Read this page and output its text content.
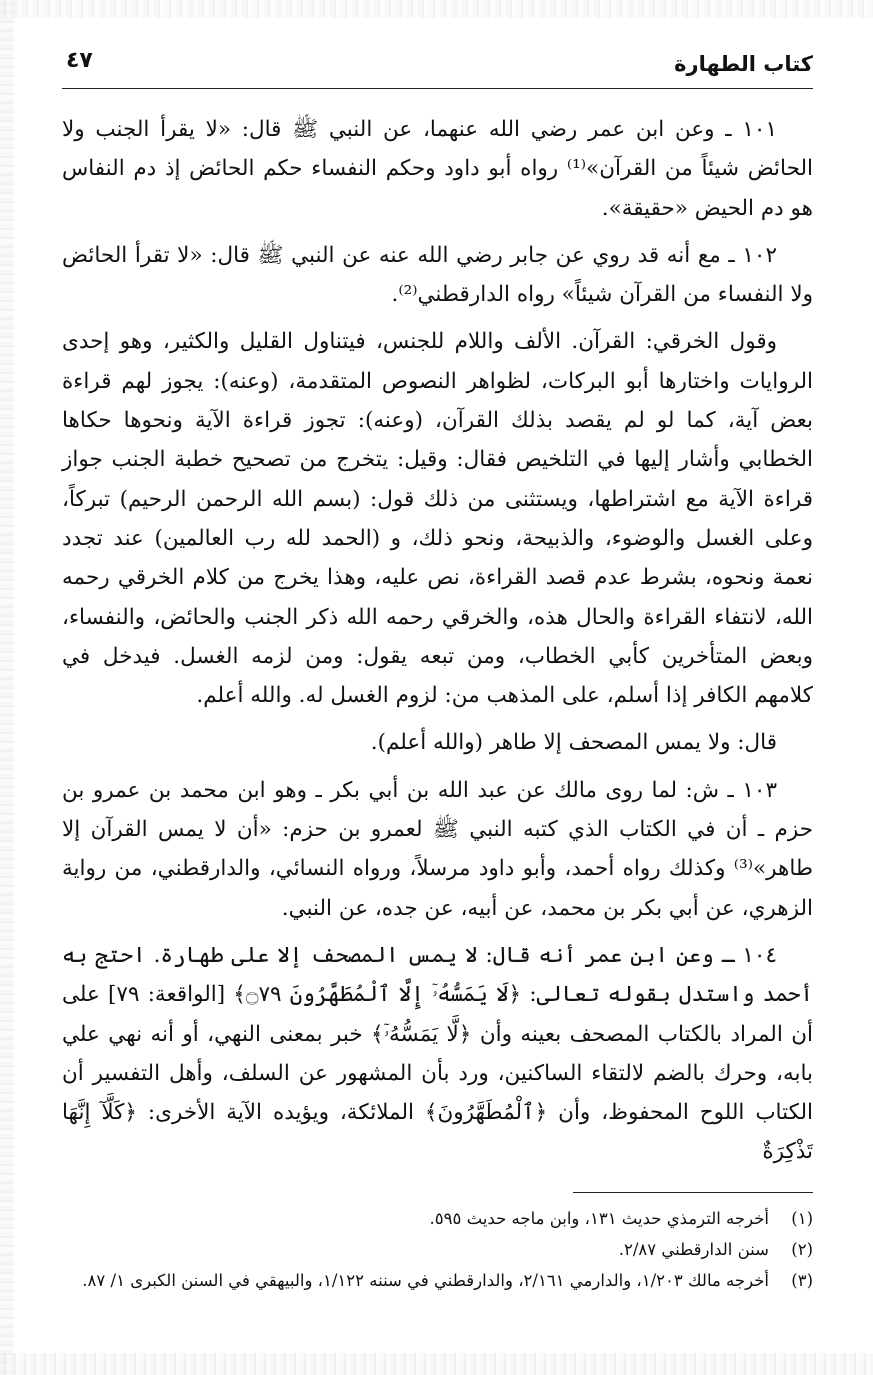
كتاب الطهارة
٤٧

١٠١ ـ وعن ابن عمر رضي الله عنهما، عن النبي ﷺ قال: «لا يقرأ الجنب ولا الحائض شيئاً من القرآن»⁽¹⁾ رواه أبو داود وحكم النفساء حكم الحائض إذ دم النفاس هو دم الحيض «حقيقة».

١٠٢ ـ مع أنه قد روي عن جابر رضي الله عنه عن النبي ﷺ قال: «لا تقرأ الحائض ولا النفساء من القرآن شيئاً» رواه الدارقطني⁽²⁾.

وقول الخرقي: القرآن. الألف واللام للجنس، فيتناول القليل والكثير، وهو إحدى الروايات واختارها أبو البركات، لظواهر النصوص المتقدمة، (وعنه): يجوز لهم قراءة بعض آية، كما لو لم يقصد بذلك القرآن، (وعنه): تجوز قراءة الآية ونحوها حكاها الخطابي وأشار إليها في التلخيص فقال: وقيل: يتخرج من تصحيح خطبة الجنب جواز قراءة الآية مع اشتراطها، ويستثنى من ذلك قول: (بسم الله الرحمن الرحيم) تبركاً، وعلى الغسل والوضوء، والذبيحة، ونحو ذلك، و (الحمد لله رب العالمين) عند تجدد نعمة ونحوه، بشرط عدم قصد القراءة، نص عليه، وهذا يخرج من كلام الخرقي رحمه الله، لانتفاء القراءة والحال هذه، والخرقي رحمه الله ذكر الجنب والحائض، والنفساء، وبعض المتأخرين كأبي الخطاب، ومن تبعه يقول: ومن لزمه الغسل. فيدخل في كلامهم الكافر إذا أسلم، على المذهب من: لزوم الغسل له. والله أعلم.

قال: ولا يمس المصحف إلا طاهر (والله أعلم).

١٠٣ ـ ش: لما روى مالك عن عبد الله بن أبي بكر ـ وهو ابن محمد بن عمرو بن حزم ـ أن في الكتاب الذي كتبه النبي ﷺ لعمرو بن حزم: «أن لا يمس القرآن إلا طاهر»⁽³⁾ وكذلك رواه أحمد، وأبو داود مرسلاً، ورواه النسائي، والدارقطني، من رواية الزهري، عن أبي بكر بن محمد، عن أبيه، عن جده، عن النبي.

١٠٤ ـ وعن ابن عمر أنه قال: لا يمس المصحف إلا على طهارة. احتج به أحمد واستدل بقوله تعالى: ﴿لَا يَمَسُّهُۥٓ إِلَّا ٱلْمُطَهَّرُونَ ۝٧٩﴾ [الواقعة: ٧٩] على أن المراد بالكتاب المصحف بعينه وأن ﴿لَّا يَمَسُّهُۥٓ﴾ خبر بمعنى النهي، أو أنه نهي علي بابه، وحرك بالضم لالتقاء الساكنين، ورد بأن المشهور عن السلف، وأهل التفسير أن الكتاب اللوح المحفوظ، وأن ﴿ٱلْمُطَهَّرُونَ﴾ الملائكة، ويؤيده الآية الأخرى: ﴿كَلَّآ إِنَّهَا تَذْكِرَةٌ

(١)
أخرجه الترمذي حديث ١٣١، وابن ماجه حديث ٥٩٥.

(٢)
سنن الدارقطني ٢/٨٧.

(٣)
أخرجه مالك ١/٢٠٣، والدارمي ٢/١٦١، والدارقطني في سننه ١/١٢٢، والبيهقي في السنن الكبرى ١/ ٨٧.
